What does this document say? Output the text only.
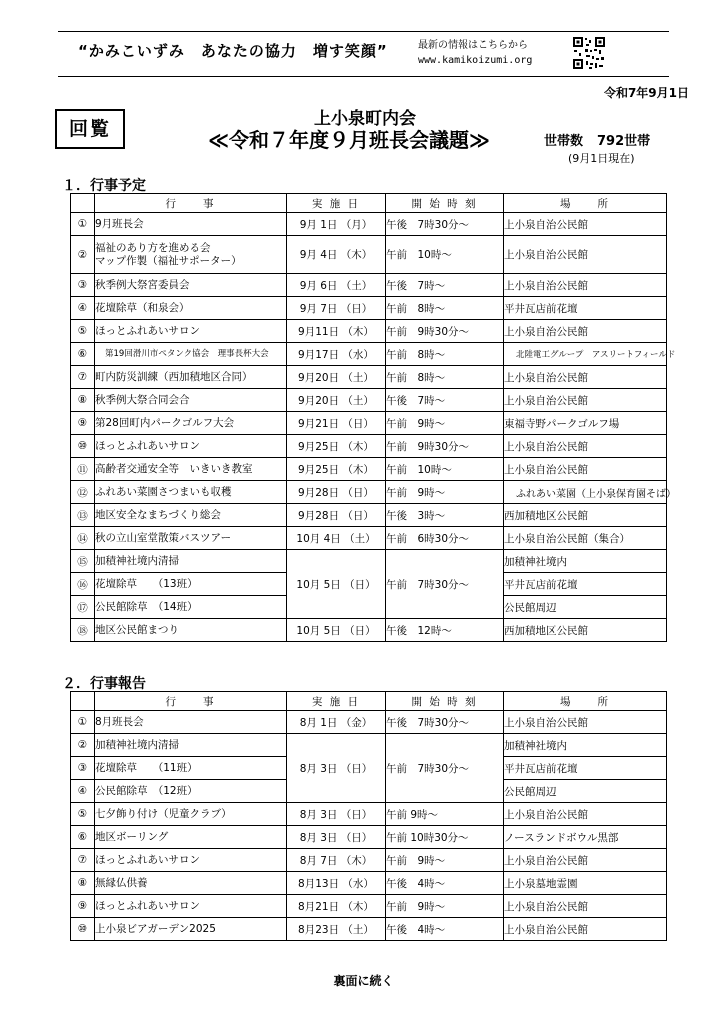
“かみこいずみ　あなたの協力　増す笑顔”	最新の情報はこちらから
www.kamikoizumi.org
令和7年9月1日
回覧	上小泉町内会
≪令和７年度９月班長会議題≫	世帯数 792世帯
(9月1日現在)
１．行事予定
	行　　事	実 施 日	開 始 時 刻	場　　所
①	9月班長会	9月 1日 （月）	午後　7時30分～	上小泉自治公民館
②	福祉のあり方を進める会
マップ作製（福祉サポーター）	9月 4日 （木）	午前　10時～	上小泉自治公民館
③	秋季例大祭宮委員会	9月 6日 （土）	午後　7時～	上小泉自治公民館
④	花壇除草（和泉会）	9月 7日 （日）	午前　8時～	平井瓦店前花壇
⑤	ほっとふれあいサロン	9月11日 （木）	午前　9時30分～	上小泉自治公民館
⑥	第19回滑川市ペタンク協会　理事長杯大会	9月17日 （水）	午前　8時～	北陸電工グループ　アスリートフィールド
⑦	町内防災訓練（西加積地区合同）	9月20日 （土）	午前　8時～	上小泉自治公民館
⑧	秋季例大祭合同会合	9月20日 （土）	午後　7時～	上小泉自治公民館
⑨	第28回町内パークゴルフ大会	9月21日 （日）	午前　9時～	東福寺野パークゴルフ場
⑩	ほっとふれあいサロン	9月25日 （木）	午前　9時30分～	上小泉自治公民館
⑪	高齢者交通安全等　いきいき教室	9月25日 （木）	午前　10時～	上小泉自治公民館
⑫	ふれあい菜園さつまいも収穫	9月28日 （日）	午前　9時～	ふれあい菜園（上小泉保育園そば）
⑬	地区安全なまちづくり総会	9月28日 （日）	午後　3時～	西加積地区公民館
⑭	秋の立山室堂散策バスツアー	10月 4日 （土）	午前　6時30分～	上小泉自治公民館（集合）
⑮	加積神社境内清掃	10月 5日 （日）	午前　7時30分～	加積神社境内
⑯	花壇除草　　（13班）			平井瓦店前花壇
⑰	公民館除草　（14班）			公民館周辺
⑱	地区公民館まつり	10月 5日 （日）	午後　12時～	西加積地区公民館
２．行事報告
	行　　事	実 施 日	開 始 時 刻	場　　所
①	8月班長会	8月 1日 （金）	午後　7時30分～	上小泉自治公民館
②	加積神社境内清掃	8月 3日 （日）	午前　7時30分～	加積神社境内
③	花壇除草　　（11班）			平井瓦店前花壇
④	公民館除草　（12班）			公民館周辺
⑤	七夕飾り付け（児童クラブ）	8月 3日 （日）	午前 9時～	上小泉自治公民館
⑥	地区ボーリング	8月 3日 （日）	午前 10時30分～	ノースランドボウル黒部
⑦	ほっとふれあいサロン	8月 7日 （木）	午前　9時～	上小泉自治公民館
⑧	無縁仏供養	8月13日 （水）	午後　4時～	上小泉墓地霊園
⑨	ほっとふれあいサロン	8月21日 （木）	午前　9時～	上小泉自治公民館
⑩	上小泉ビアガーデン2025	8月23日 （土）	午後　4時～	上小泉自治公民館
裏面に続く
